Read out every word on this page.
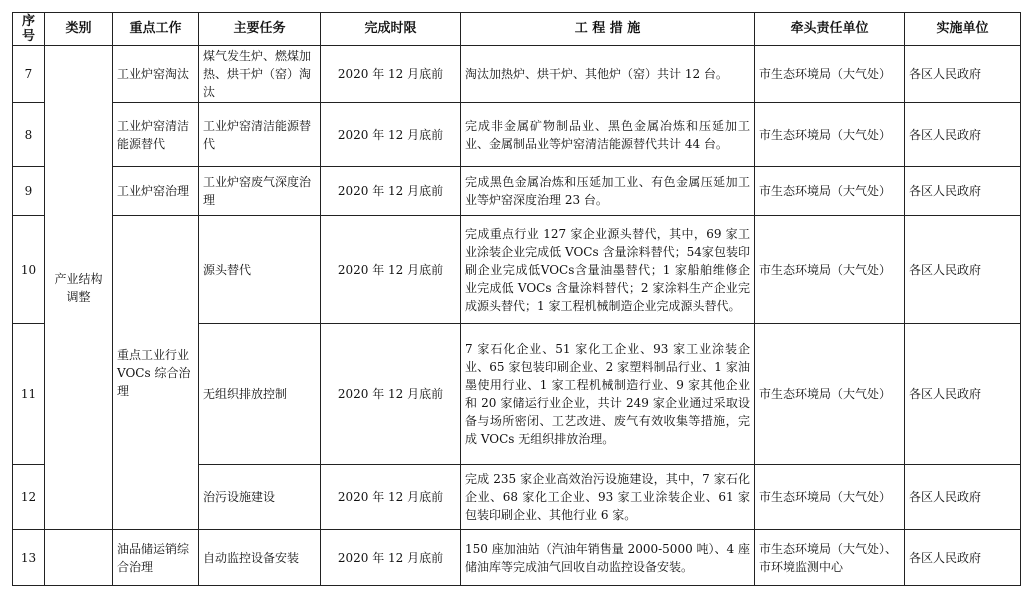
序号	类别	重点工作	主要任务	完成时限	工 程 措 施	牵头责任单位	实施单位
7	产业结构调整	工业炉窑淘汰	煤气发生炉、燃煤加热、烘干炉（窑）淘汰	2020 年 12 月底前	淘汰加热炉、烘干炉、其他炉（窑）共计 12 台。	市生态环境局（大气处）	各区人民政府
8		工业炉窑清洁能源替代	工业炉窑清洁能源替代	2020 年 12 月底前	完成非金属矿物制品业、黑色金属冶炼和压延加工业、金属制品业等炉窑清洁能源替代共计 44 台。	市生态环境局（大气处）	各区人民政府
9		工业炉窑治理	工业炉窑废气深度治理	2020 年 12 月底前	完成黑色金属冶炼和压延加工业、有色金属压延加工业等炉窑深度治理 23 台。	市生态环境局（大气处）	各区人民政府
10		重点工业行业 VOCs 综合治理	源头替代	2020 年 12 月底前	完成重点行业 127 家企业源头替代，其中，69 家工业涂装企业完成低 VOCs 含量涂料替代；54家包装印刷企业完成低VOCs含量油墨替代；1 家船舶维修企业完成低 VOCs 含量涂料替代；2 家涂料生产企业完成源头替代；1 家工程机械制造企业完成源头替代。	市生态环境局（大气处）	各区人民政府
11			无组织排放控制	2020 年 12 月底前	7 家石化企业、51 家化工企业、93 家工业涂装企业、65 家包装印刷企业、2 家塑料制品行业、1 家油墨使用行业、1 家工程机械制造行业、9 家其他企业和 20 家储运行业企业，共计 249 家企业通过采取设备与场所密闭、工艺改进、废气有效收集等措施，完成 VOCs 无组织排放治理。	市生态环境局（大气处）	各区人民政府
12			治污设施建设	2020 年 12 月底前	完成 235 家企业高效治污设施建设，其中，7 家石化企业、68 家化工企业、93 家工业涂装企业、61 家包装印刷企业、其他行业 6 家。	市生态环境局（大气处）	各区人民政府
13		油品储运销综合治理	自动监控设备安装	2020 年 12 月底前	150 座加油站（汽油年销售量 2000-5000 吨）、4 座储油库等完成油气回收自动监控设备安装。	市生态环境局（大气处）、市环境监测中心	各区人民政府
